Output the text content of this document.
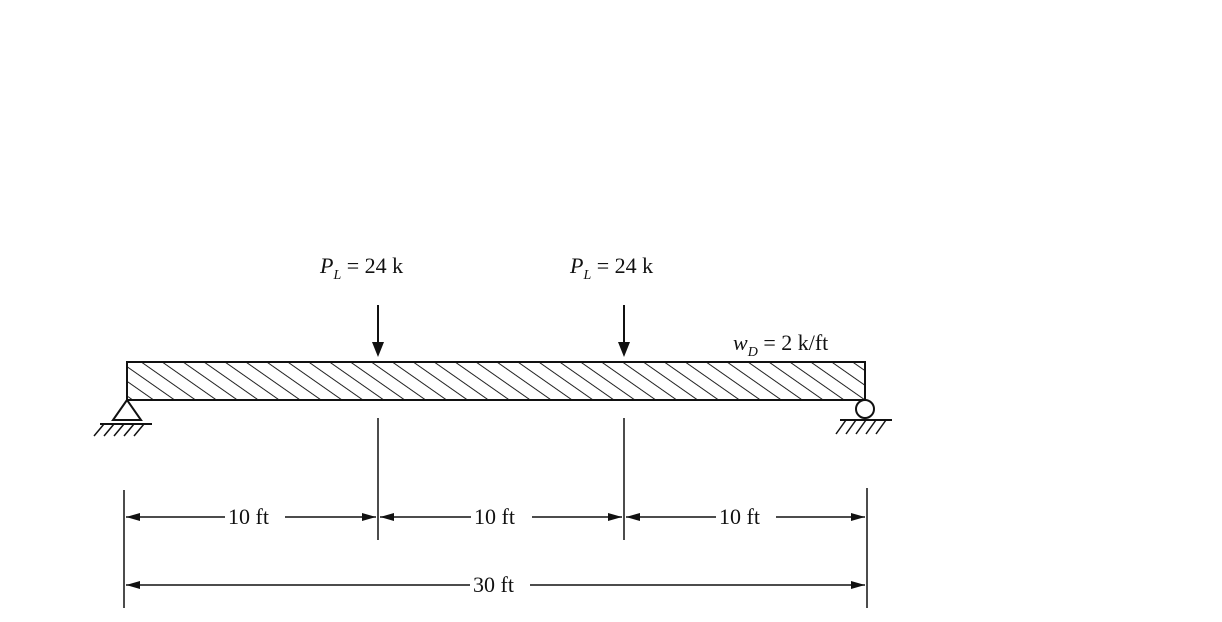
$P_L = 24$ k	$P_L = 24$ k
$w_D = 2$ k/ft
10 ft	10 ft	10 ft
30 ft
